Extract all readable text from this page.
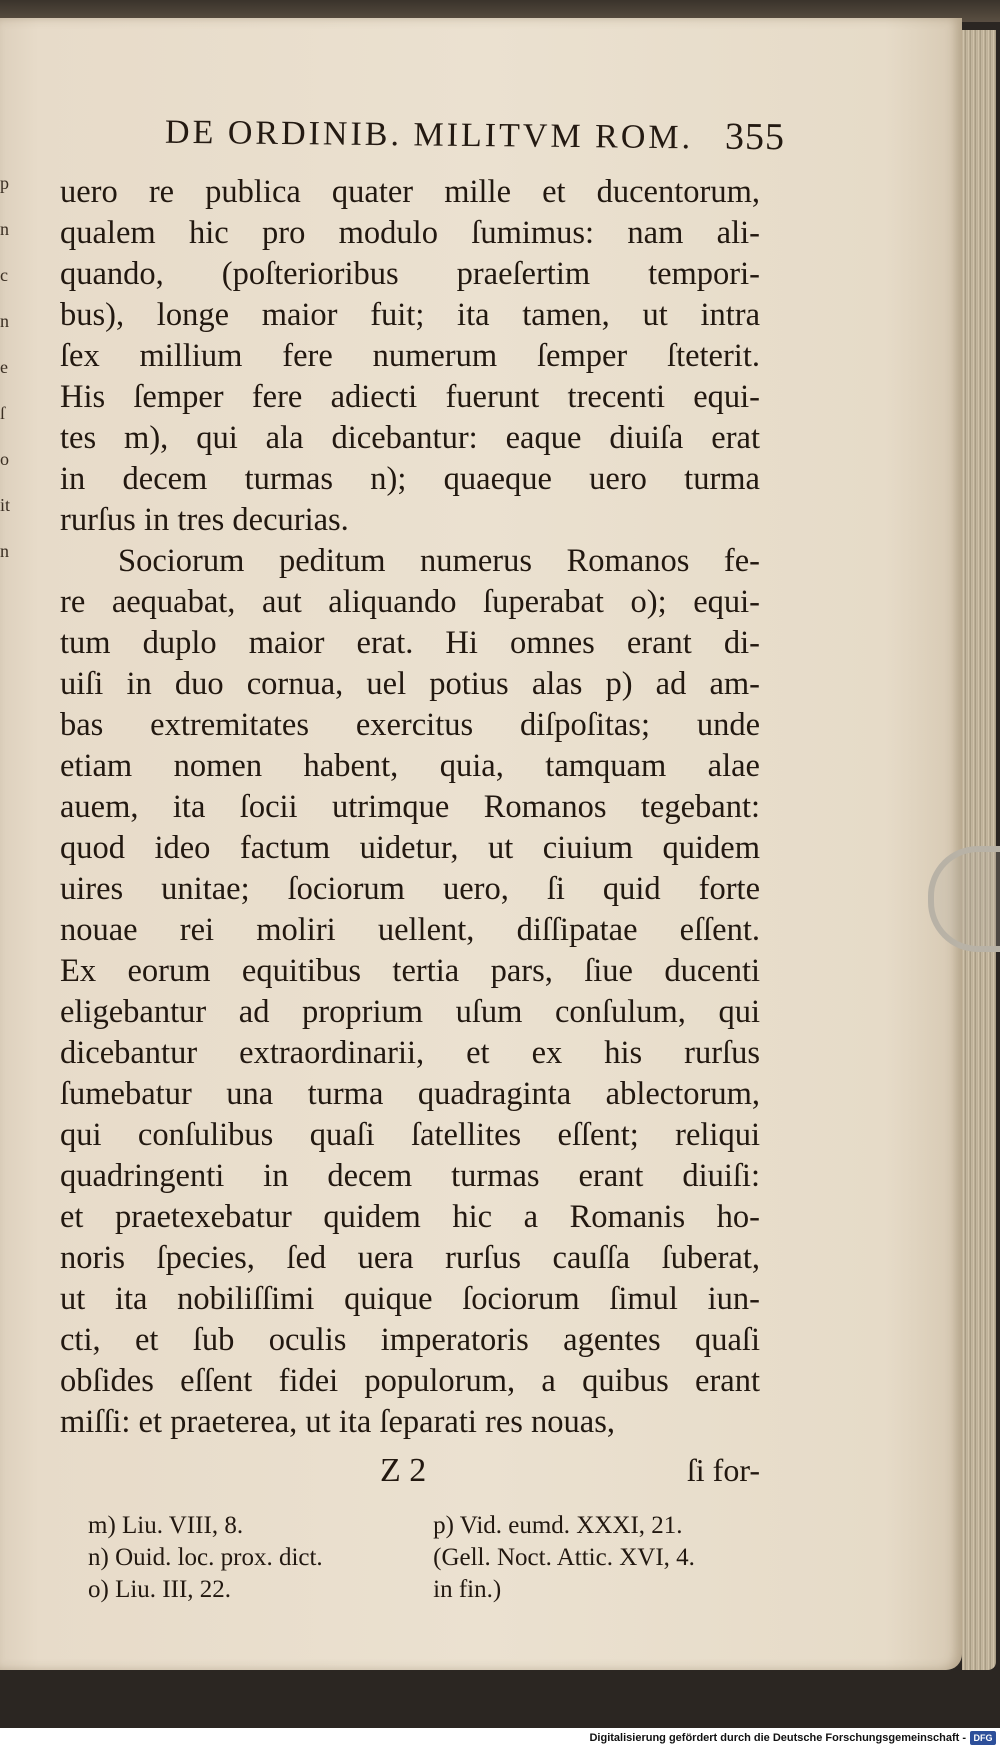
p
n
c
n
e
ſ
o
it
n
DE ORDINIB. MILITVM ROM. 355
uero re publica quater mille et ducentorum,
qualem hic pro modulo ſumimus: nam ali-
quando, (poſterioribus praeſertim tempori-
bus), longe maior fuit; ita tamen, ut intra
ſex millium fere numerum ſemper ſteterit.
His ſemper fere adiecti fuerunt trecenti equi-
tes m), qui ala dicebantur: eaque diuiſa erat
in decem turmas n); quaeque uero turma
rurſus in tres decurias.
Sociorum peditum numerus Romanos fe-
re aequabat, aut aliquando ſuperabat o); equi-
tum duplo maior erat. Hi omnes erant di-
uiſi in duo cornua, uel potius alas p) ad am-
bas extremitates exercitus diſpoſitas; unde
etiam nomen habent, quia, tamquam alae
auem, ita ſocii utrimque Romanos tegebant:
quod ideo factum uidetur, ut ciuium quidem
uires unitae; ſociorum uero, ſi quid forte
nouae rei moliri uellent, diſſipatae eſſent.
Ex eorum equitibus tertia pars, ſiue ducenti
eligebantur ad proprium uſum conſulum, qui
dicebantur extraordinarii, et ex his rurſus
ſumebatur una turma quadraginta ablectorum,
qui conſulibus quaſi ſatellites eſſent; reliqui
quadringenti in decem turmas erant diuiſi:
et praetexebatur quidem hic a Romanis ho-
noris ſpecies, ſed uera rurſus cauſſa ſuberat,
ut ita nobiliſſimi quique ſociorum ſimul iun-
cti, et ſub oculis imperatoris agentes quaſi
obſides eſſent fidei populorum, a quibus erant
miſſi: et praeterea, ut ita ſeparati res nouas,
Z 2	ſi for-
m) Liu. VIII, 8.
n) Ouid. loc. prox. dict.
o) Liu. III, 22.
p) Vid. eumd. XXXI, 21.
(Gell. Noct. Attic. XVI, 4.
in fin.)
Digitalisierung gefördert durch die Deutsche Forschungsgemeinschaft - DFG
